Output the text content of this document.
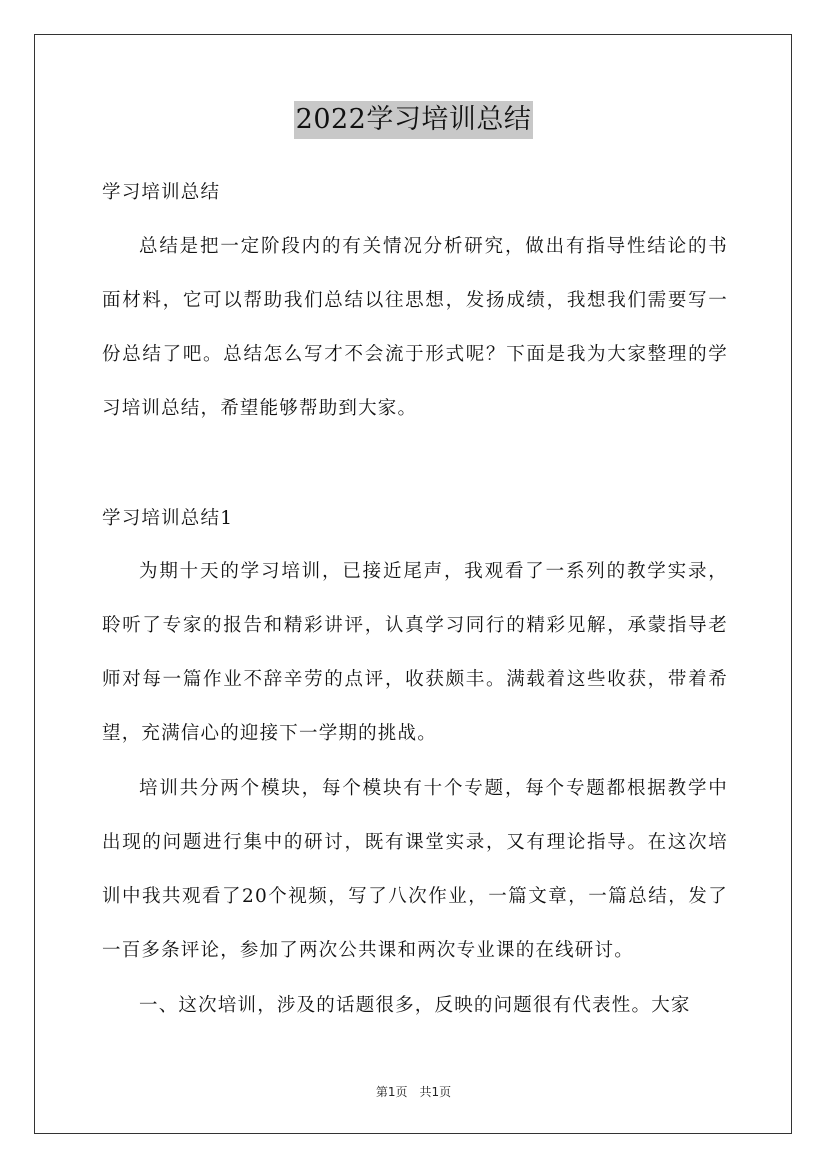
2022学习培训总结

学习培训总结

总结是把一定阶段内的有关情况分析研究，做出有指导性结论的书面材料，它可以帮助我们总结以往思想，发扬成绩，我想我们需要写一份总结了吧。总结怎么写才不会流于形式呢？下面是我为大家整理的学习培训总结，希望能够帮助到大家。

学习培训总结1

为期十天的学习培训，已接近尾声，我观看了一系列的教学实录，聆听了专家的报告和精彩讲评，认真学习同行的精彩见解，承蒙指导老师对每一篇作业不辞辛劳的点评，收获颇丰。满载着这些收获，带着希望，充满信心的迎接下一学期的挑战。

培训共分两个模块，每个模块有十个专题，每个专题都根据教学中出现的问题进行集中的研讨，既有课堂实录，又有理论指导。在这次培训中我共观看了20个视频，写了八次作业，一篇文章，一篇总结，发了一百多条评论，参加了两次公共课和两次专业课的在线研讨。

一、这次培训，涉及的话题很多，反映的问题很有代表性。大家

第1页 共1页
